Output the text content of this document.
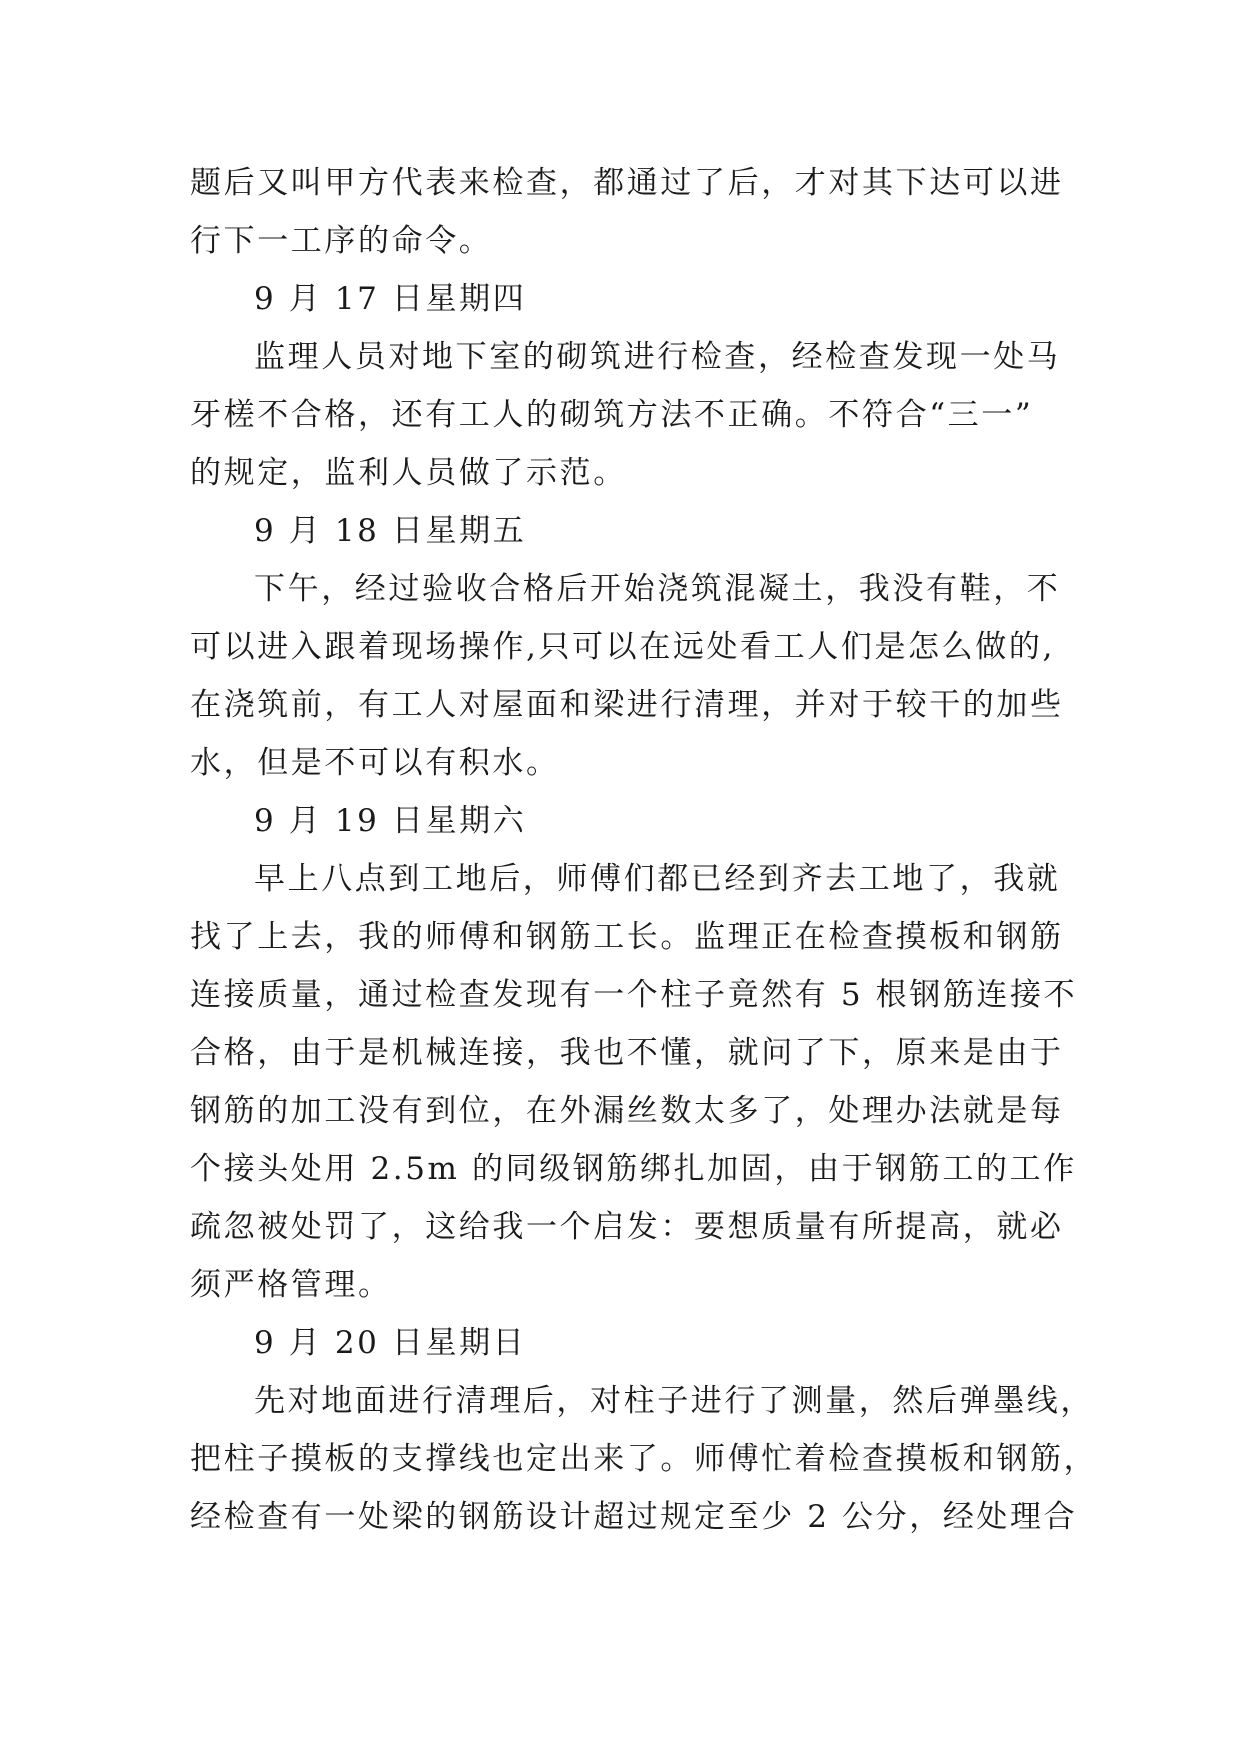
题后又叫甲方代表来检查，都通过了后，才对其下达可以进
行下一工序的命令。
9 月 17 日星期四
监理人员对地下室的砌筑进行检查，经检查发现一处马
牙槎不合格，还有工人的砌筑方法不正确。不符合“三一”
的规定，监利人员做了示范。
9 月 18 日星期五
下午，经过验收合格后开始浇筑混凝土，我没有鞋，不
可以进入跟着现场操作,只可以在远处看工人们是怎么做的,
在浇筑前，有工人对屋面和梁进行清理，并对于较干的加些
水，但是不可以有积水。
9 月 19 日星期六
早上八点到工地后，师傅们都已经到齐去工地了，我就
找了上去，我的师傅和钢筋工长。监理正在检查摸板和钢筋
连接质量，通过检查发现有一个柱子竟然有 5 根钢筋连接不
合格，由于是机械连接，我也不懂，就问了下，原来是由于
钢筋的加工没有到位，在外漏丝数太多了，处理办法就是每
个接头处用 2.5m 的同级钢筋绑扎加固，由于钢筋工的工作
疏忽被处罚了，这给我一个启发：要想质量有所提高，就必
须严格管理。
9 月 20 日星期日
先对地面进行清理后，对柱子进行了测量，然后弹墨线，
把柱子摸板的支撑线也定出来了。师傅忙着检查摸板和钢筋，
经检查有一处梁的钢筋设计超过规定至少 2 公分，经处理合
